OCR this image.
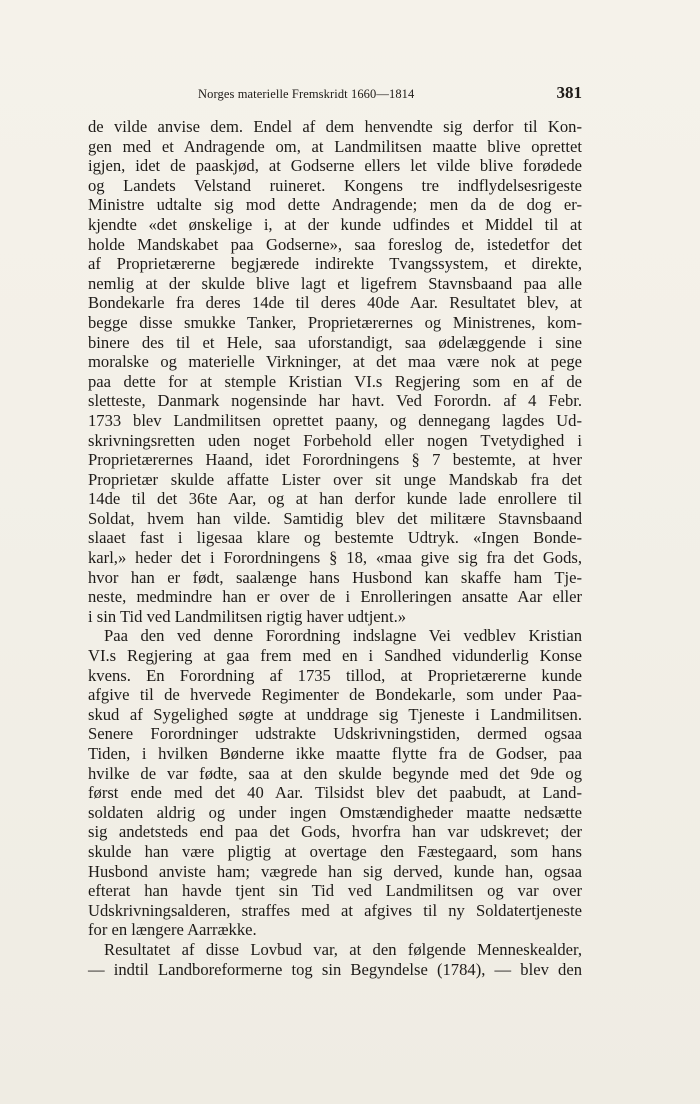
Norges materielle Fremskridt 1660—1814	381
de vilde anvise dem. Endel af dem henvendte sig derfor til Kon-
gen med et Andragende om, at Landmilitsen maatte blive oprettet
igjen, idet de paaskjød, at Godserne ellers let vilde blive forødede
og Landets Velstand ruineret. Kongens tre indflydelsesrigeste
Ministre udtalte sig mod dette Andragende; men da de dog er-
kjendte «det ønskelige i, at der kunde udfindes et Middel til at
holde Mandskabet paa Godserne», saa foreslog de, istedetfor det
af Proprietærerne begjærede indirekte Tvangssystem, et direkte,
nemlig at der skulde blive lagt et ligefrem Stavnsbaand paa alle
Bondekarle fra deres 14de til deres 40de Aar. Resultatet blev, at
begge disse smukke Tanker, Proprietærernes og Ministrenes, kom-
binere des til et Hele, saa uforstandigt, saa ødelæggende i sine
moralske og materielle Virkninger, at det maa være nok at pege
paa dette for at stemple Kristian VI.s Regjering som en af de
sletteste, Danmark nogensinde har havt. Ved Forordn. af 4 Febr.
1733 blev Landmilitsen oprettet paany, og dennegang lagdes Ud-
skrivningsretten uden noget Forbehold eller nogen Tvetydighed i
Proprietærernes Haand, idet Forordningens § 7 bestemte, at hver
Proprietær skulde affatte Lister over sit unge Mandskab fra det
14de til det 36te Aar, og at han derfor kunde lade enrollere til
Soldat, hvem han vilde. Samtidig blev det militære Stavnsbaand
slaaet fast i ligesaa klare og bestemte Udtryk. «Ingen Bonde-
karl,» heder det i Forordningens § 18, «maa give sig fra det Gods,
hvor han er født, saalænge hans Husbond kan skaffe ham Tje-
neste, medmindre han er over de i Enrolleringen ansatte Aar eller
i sin Tid ved Landmilitsen rigtig haver udtjent.»
Paa den ved denne Forordning indslagne Vei vedblev Kristian
VI.s Regjering at gaa frem med en i Sandhed vidunderlig Konse
kvens. En Forordning af 1735 tillod, at Proprietærerne kunde
afgive til de hvervede Regimenter de Bondekarle, som under Paa-
skud af Sygelighed søgte at unddrage sig Tjeneste i Landmilitsen.
Senere Forordninger udstrakte Udskrivningstiden, dermed ogsaa
Tiden, i hvilken Bønderne ikke maatte flytte fra de Godser, paa
hvilke de var fødte, saa at den skulde begynde med det 9de og
først ende med det 40 Aar. Tilsidst blev det paabudt, at Land-
soldaten aldrig og under ingen Omstændigheder maatte nedsætte
sig andetsteds end paa det Gods, hvorfra han var udskrevet; der
skulde han være pligtig at overtage den Fæstegaard, som hans
Husbond anviste ham; vægrede han sig derved, kunde han, ogsaa
efterat han havde tjent sin Tid ved Landmilitsen og var over
Udskrivningsalderen, straffes med at afgives til ny Soldatertjeneste
for en længere Aarrække.
Resultatet af disse Lovbud var, at den følgende Menneskealder,
— indtil Landboreformerne tog sin Begyndelse (1784), — blev den
